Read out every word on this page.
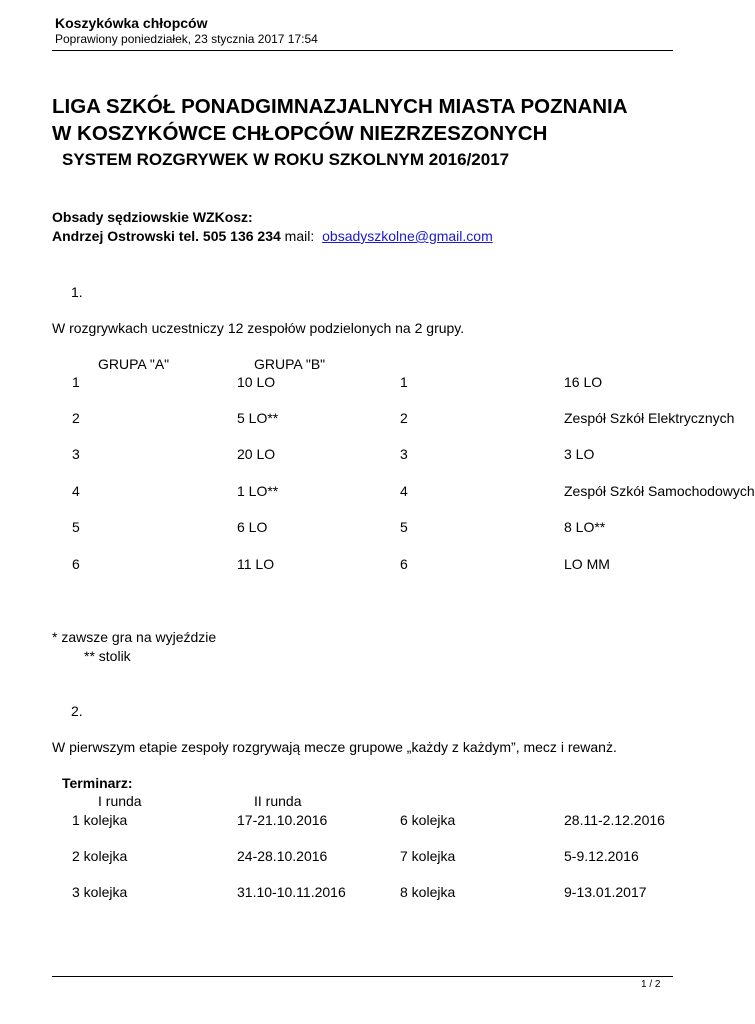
Koszykówka chłopców
Poprawiony poniedziałek, 23 stycznia 2017 17:54
LIGA SZKÓŁ PONADGIMNAZJALNYCH MIASTA POZNANIA
W KOSZYKÓWCE CHŁOPCÓW NIEZRZESZONYCH
SYSTEM ROZGRYWEK W ROKU SZKOLNYM 2016/2017
Obsady sędziowskie WZKosz:
Andrzej Ostrowski tel. 505 136 234 mail: obsadyszkolne@gmail.com
1.
W rozgrywkach uczestniczy 12 zespołów podzielonych na 2 grupy.
GRUPA "A"	GRUPA "B"
1	10 LO	1	16 LO
2	5 LO**	2	Zespół Szkół Elektrycznych
3	20 LO	3	3 LO
4	1 LO**	4	Zespół Szkół Samochodowych
5	6 LO	5	8 LO**
6	11 LO	6	LO MM
* zawsze gra na wyjeździe
** stolik
2.
W pierwszym etapie zespoły rozgrywają mecze grupowe „każdy z każdym”, mecz i rewanż.
Terminarz:
I runda	II runda
1 kolejka	17-21.10.2016	6 kolejka	28.11-2.12.2016
2 kolejka	24-28.10.2016	7 kolejka	5-9.12.2016
3 kolejka	31.10-10.11.2016	8 kolejka	9-13.01.2017
1 / 2
